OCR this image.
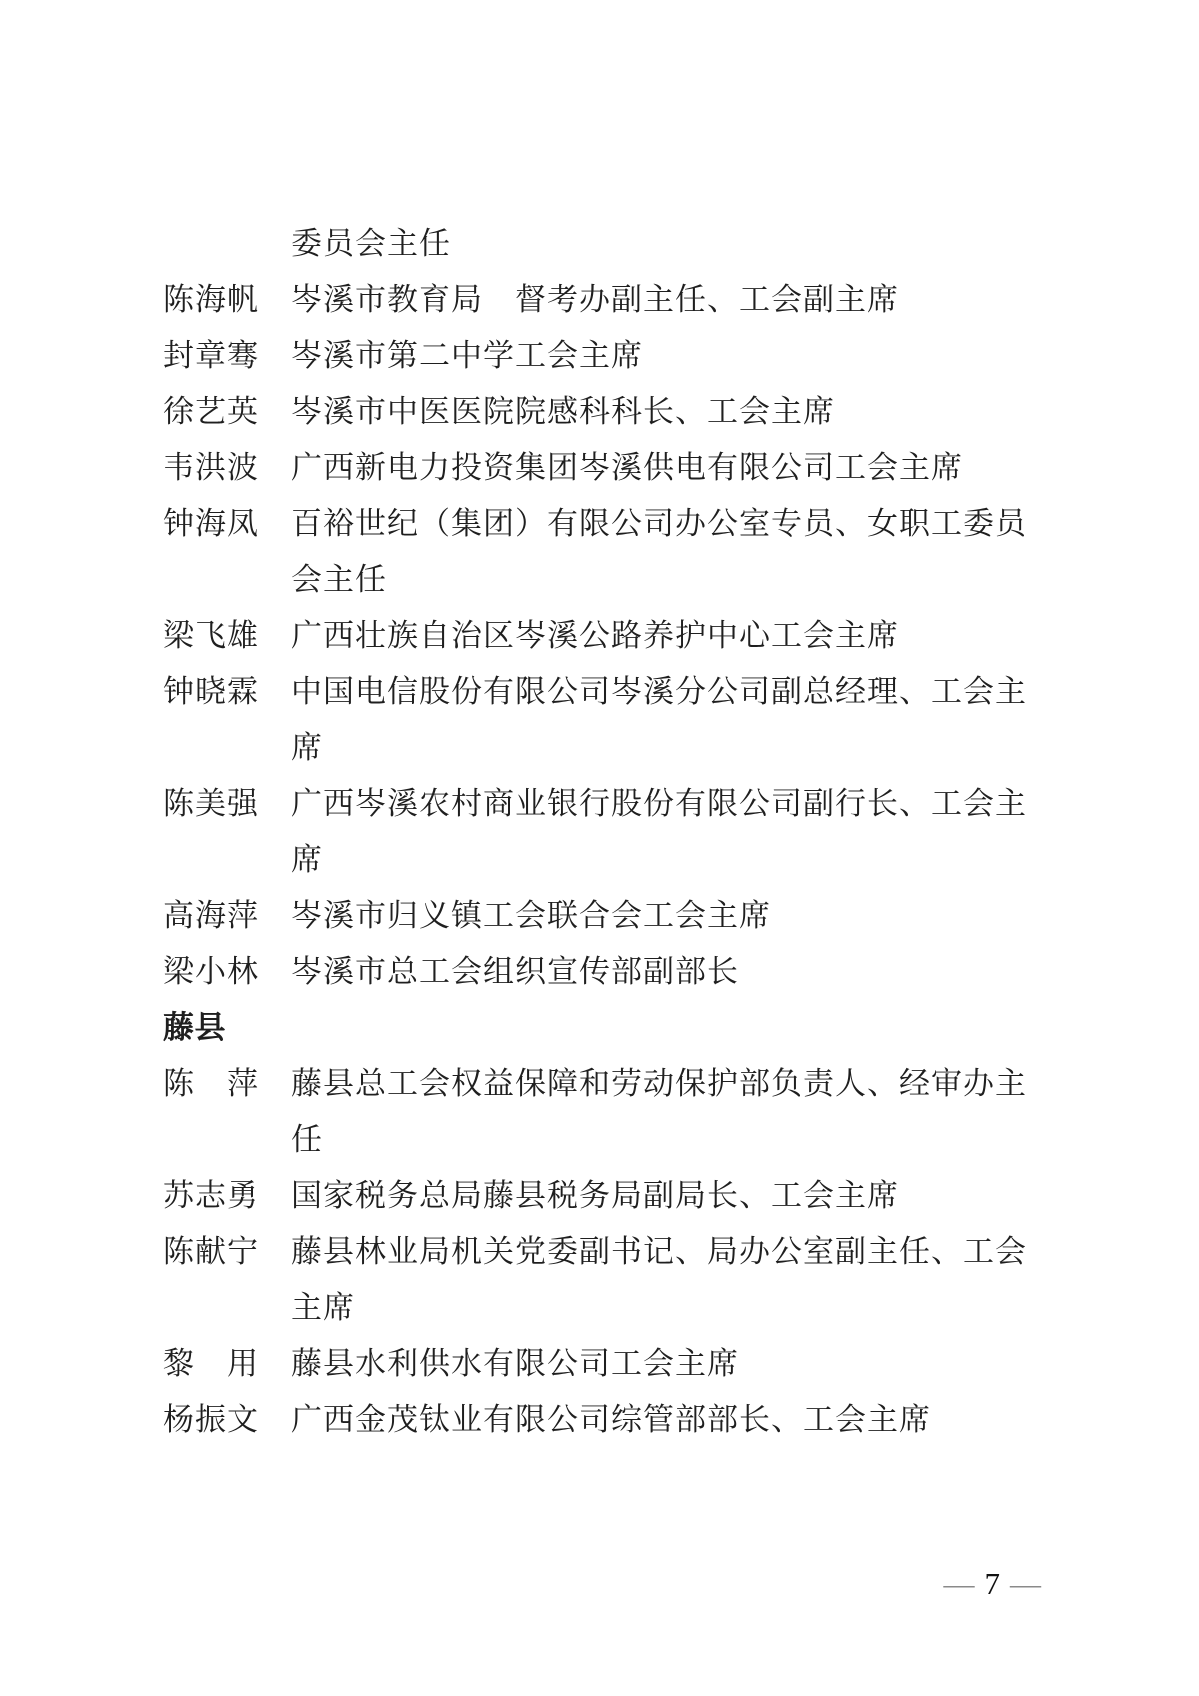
委员会主任
陈海帆	岑溪市教育局　督考办副主任、工会副主席
封章骞	岑溪市第二中学工会主席
徐艺英	岑溪市中医医院院感科科长、工会主席
韦洪波	广西新电力投资集团岑溪供电有限公司工会主席
钟海凤	百裕世纪（集团）有限公司办公室专员、女职工委员会主任
梁飞雄	广西壮族自治区岑溪公路养护中心工会主席
钟晓霖	中国电信股份有限公司岑溪分公司副总经理、工会主席
陈美强	广西岑溪农村商业银行股份有限公司副行长、工会主席
高海萍	岑溪市归义镇工会联合会工会主席
梁小林	岑溪市总工会组织宣传部副部长
藤县
陈　萍	藤县总工会权益保障和劳动保护部负责人、经审办主任
苏志勇	国家税务总局藤县税务局副局长、工会主席
陈献宁	藤县林业局机关党委副书记、局办公室副主任、工会主席
黎　用	藤县水利供水有限公司工会主席
杨振文	广西金茂钛业有限公司综管部部长、工会主席
— 7 —
